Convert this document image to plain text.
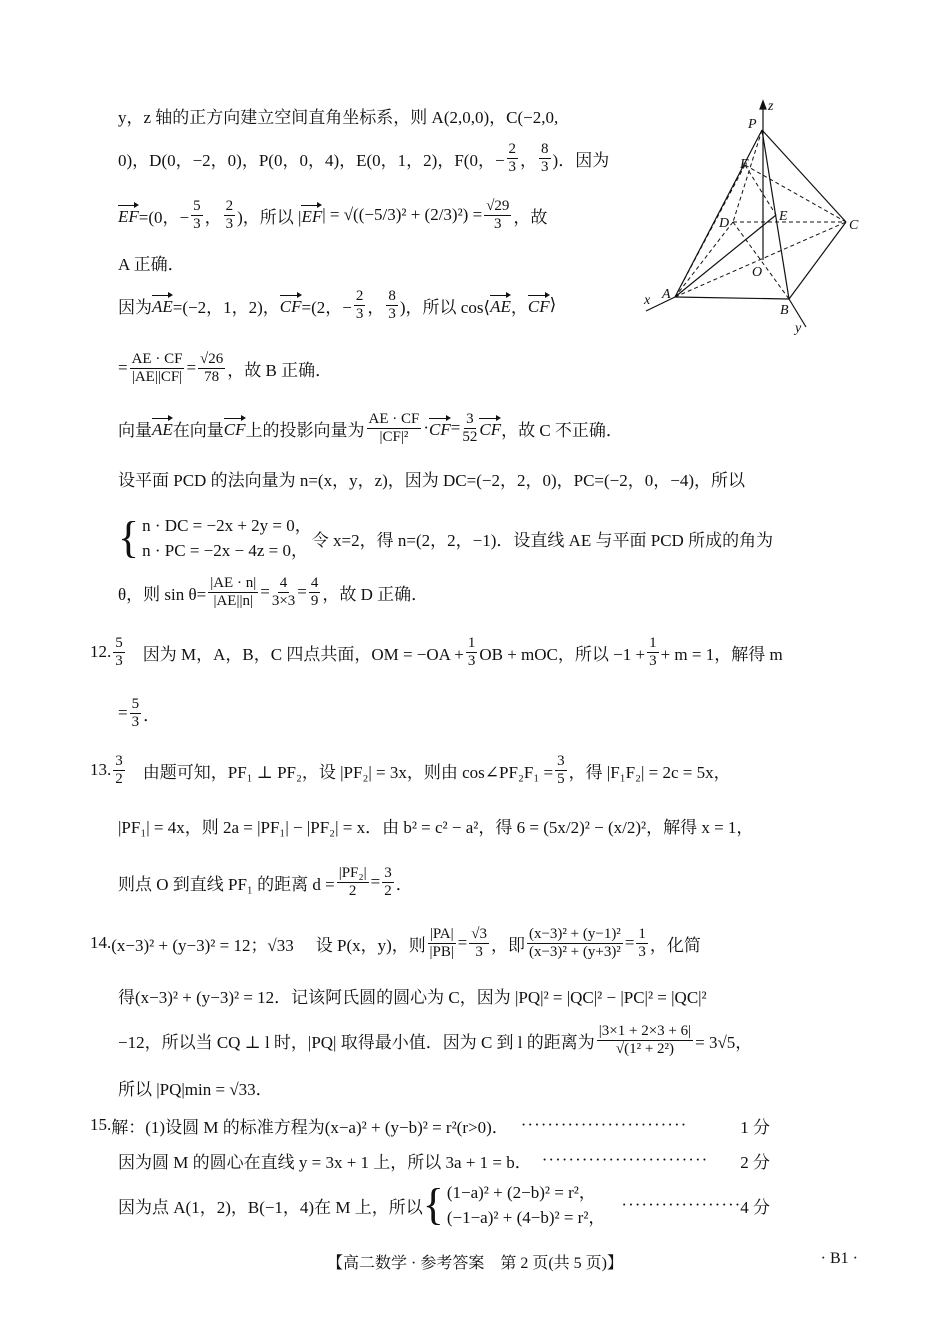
y，z 轴的正方向建立空间直角坐标系，则 A(2,0,0)，C(−2,0,
0)，D(0，−2，0)，P(0，0，4)，E(0，1，2)，F(0，− $\frac{2}{3}$ ， $\frac{8}{3}$ )．因为
EF =(0，− $\frac{5}{3}$ ， $\frac{2}{3}$ )，所以 | EF | = $√((-5/3)^2 + (2/3)^2) = \frac{√29}{3}$ ，故
A 正确．
因为 AE =(−2，1，2)， CF =(2，− $\frac{2}{3}$ ， $\frac{8}{3}$ )，所以 cos⟨ AE ， CF ⟩
= $\frac{AE \cdot CF}{|AE||CF|} = \frac{√26}{78}$ ，故 B 正确．
向量 AE 在向量 CF 上的投影向量为 $\frac{AE \cdot CF}{\text{|CF|²}}$ · CF = $\frac{3}{52}$ CF ，故 C 不正确．
设平面 PCD 的法向量为 n=(x，y，z)，因为 DC=(−2，2，0)，PC=(−2，0，−4)，所以
{ n · DC = −2x + 2y = 0，
n · PC = −2x − 4z = 0，
令 x=2，得 n=(2，2，−1)．设直线 AE 与平面 PCD 所成的角为
θ，则 $\sin \theta= \frac{|AE \cdot n|}{|AE||n|} = \frac{4}{3\times 3} = \frac{4}{9}$ ，故 D 正确．
12. $\frac{5}{3}$ 因为 M，A，B，C 四点共面，OM = $-OA + \frac{1}{3}$ OB + mOC，所以 $-1 + \frac{1}{3} + m = 1$，解得 m
= $\frac{5}{3}$ ．
13. $\frac{3}{2}$ 由题可知，PF₁ ⊥ PF₂，设 |PF₂| = 3x，则由 cos∠PF₂F₁ = $\frac{3}{5}$ ，得 |F₁F₂| = 2c = 5x，
|PF₁| = 4x，则 2a = |PF₁| − |PF₂| = x．由 b² = c² − a²，得 6 = (5x/2)² − (x/2)²，解得 x = 1，
则点 O 到直线 PF₁ 的距离 $d = \frac{\text{|PF₂|}}{2} = \frac{3}{2}$ ．
14. (x−3)² + (y−3)² = 12；√33 设 P(x，y)，则 $\frac{|PA|}{|PB|} = \frac{√3}{3}$ ，即 $\frac{\text{(x−3)² + (y−1)²}}{\text{(x−3)² + (y+3)²}} = \frac{1}{3}$ ，化简
得(x−3)² + (y−3)² = 12．记该阿氏圆的圆心为 C，因为 |PQ|² = |QC|² − |PC|² = |QC|²
−12，所以当 CQ ⊥ l 时，|PQ| 取得最小值．因为 C 到 l 的距离为 $\frac{|3\times 1 + 2\times 3 + 6|}{\text{√(1² + 2²)}} = 3√5$，
所以 |PQ|min = √33．
15. 解：(1)设圆 M 的标准方程为(x−a)² + (y−b)² = r²(r>0)． ·························	1 分
因为圆 M 的圆心在直线 y = 3x + 1 上，所以 3a + 1 = b． ························· 2 分
因为点 A(1，2)，B(−1，4)在 M 上，所以 { (1−a)² + (2−b)² = r²，
(−1−a)² + (4−b)² = r²，
··················
4 分
P
z
F
D	E
C
O
A
B
x
y
【高二数学 · 参考答案　第 2 页(共 5 页)】	· B1 ·
